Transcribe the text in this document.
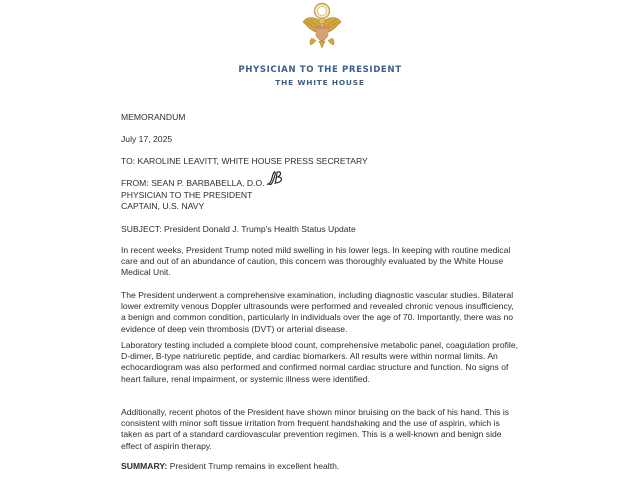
PHYSICIAN TO THE PRESIDENT
THE WHITE HOUSE
MEMORANDUM
July 17, 2025
TO: KAROLINE LEAVITT, WHITE HOUSE PRESS SECRETARY
FROM: SEAN P. BARBABELLA, D.O.
PHYSICIAN TO THE PRESIDENT
CAPTAIN, U.S. NAVY
SUBJECT: President Donald J. Trump's Health Status Update
In recent weeks, President Trump noted mild swelling in his lower legs. In keeping with routine medical care and out of an abundance of caution, this concern was thoroughly evaluated by the White House Medical Unit.
The President underwent a comprehensive examination, including diagnostic vascular studies. Bilateral lower extremity venous Doppler ultrasounds were performed and revealed chronic venous insufficiency, a benign and common condition, particularly in individuals over the age of 70. Importantly, there was no evidence of deep vein thrombosis (DVT) or arterial disease.
Laboratory testing included a complete blood count, comprehensive metabolic panel, coagulation profile, D-dimer, B-type natriuretic peptide, and cardiac biomarkers. All results were within normal limits. An echocardiogram was also performed and confirmed normal cardiac structure and function. No signs of heart failure, renal impairment, or systemic illness were identified.
Additionally, recent photos of the President have shown minor bruising on the back of his hand. This is consistent with minor soft tissue irritation from frequent handshaking and the use of aspirin, which is taken as part of a standard cardiovascular prevention regimen. This is a well-known and benign side effect of aspirin therapy.
SUMMARY: President Trump remains in excellent health.
